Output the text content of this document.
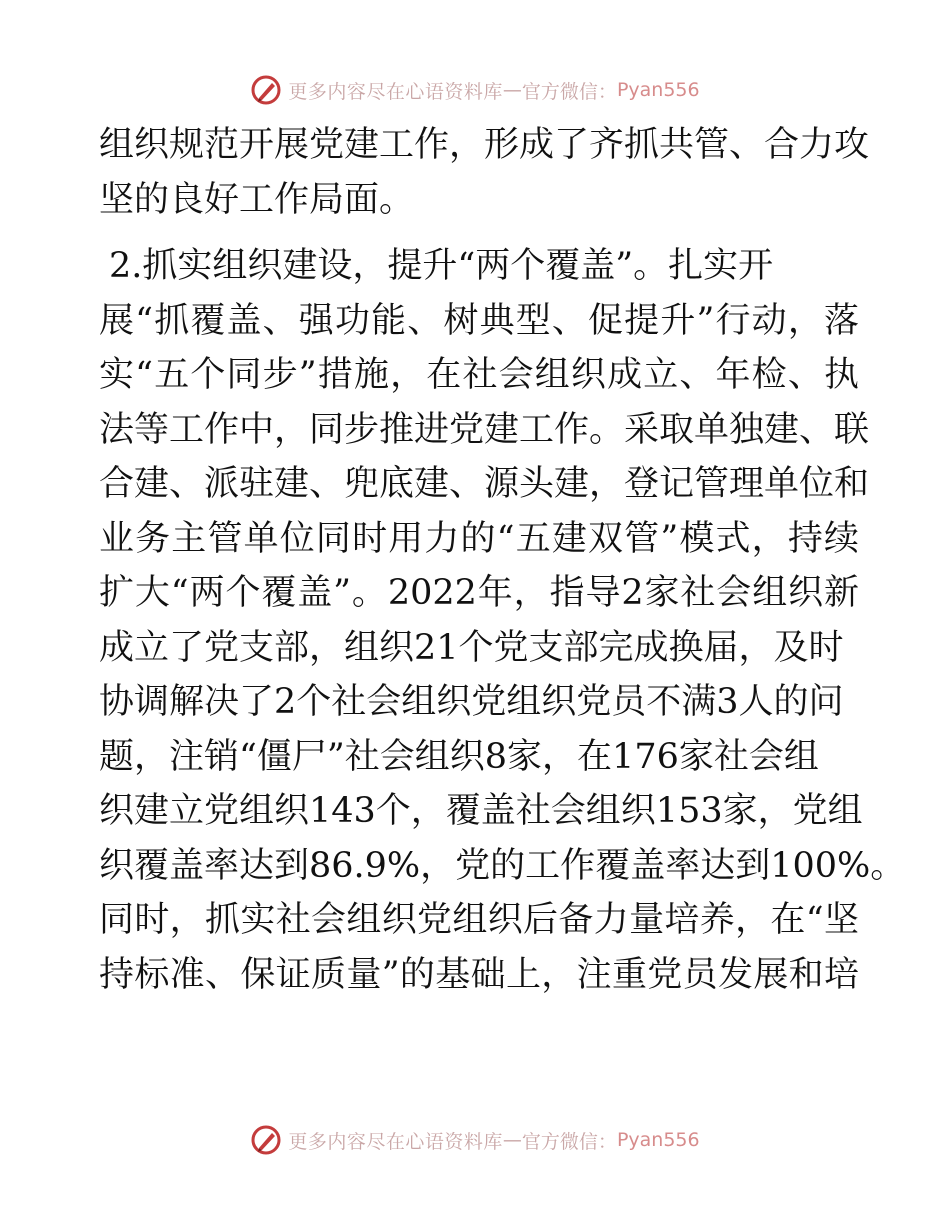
更多内容尽在心语资料库 — 官方微信： Pyan556
组织规范开展党建工作，形成了齐抓共管、合力攻
坚的良好工作局面。
2.抓实组织建设，提升“两个覆盖”。扎实开
展“抓覆盖、强功能、树典型、促提升”行动，落
实“五个同步”措施，在社会组织成立、年检、执
法等工作中，同步推进党建工作。采取单独建、联
合建、派驻建、兜底建、源头建，登记管理单位和
业务主管单位同时用力的“五建双管”模式，持续
扩大“两个覆盖”。2022年，指导2家社会组织新
成立了党支部，组织21个党支部完成换届，及时
协调解决了2个社会组织党组织党员不满3人的问
题，注销“僵尸”社会组织8家，在176家社会组
织建立党组织143个，覆盖社会组织153家，党组
织覆盖率达到86.9%，党的工作覆盖率达到100%。
同时，抓实社会组织党组织后备力量培养，在“坚
持标准、保证质量”的基础上，注重党员发展和培
更多内容尽在心语资料库 — 官方微信： Pyan556
